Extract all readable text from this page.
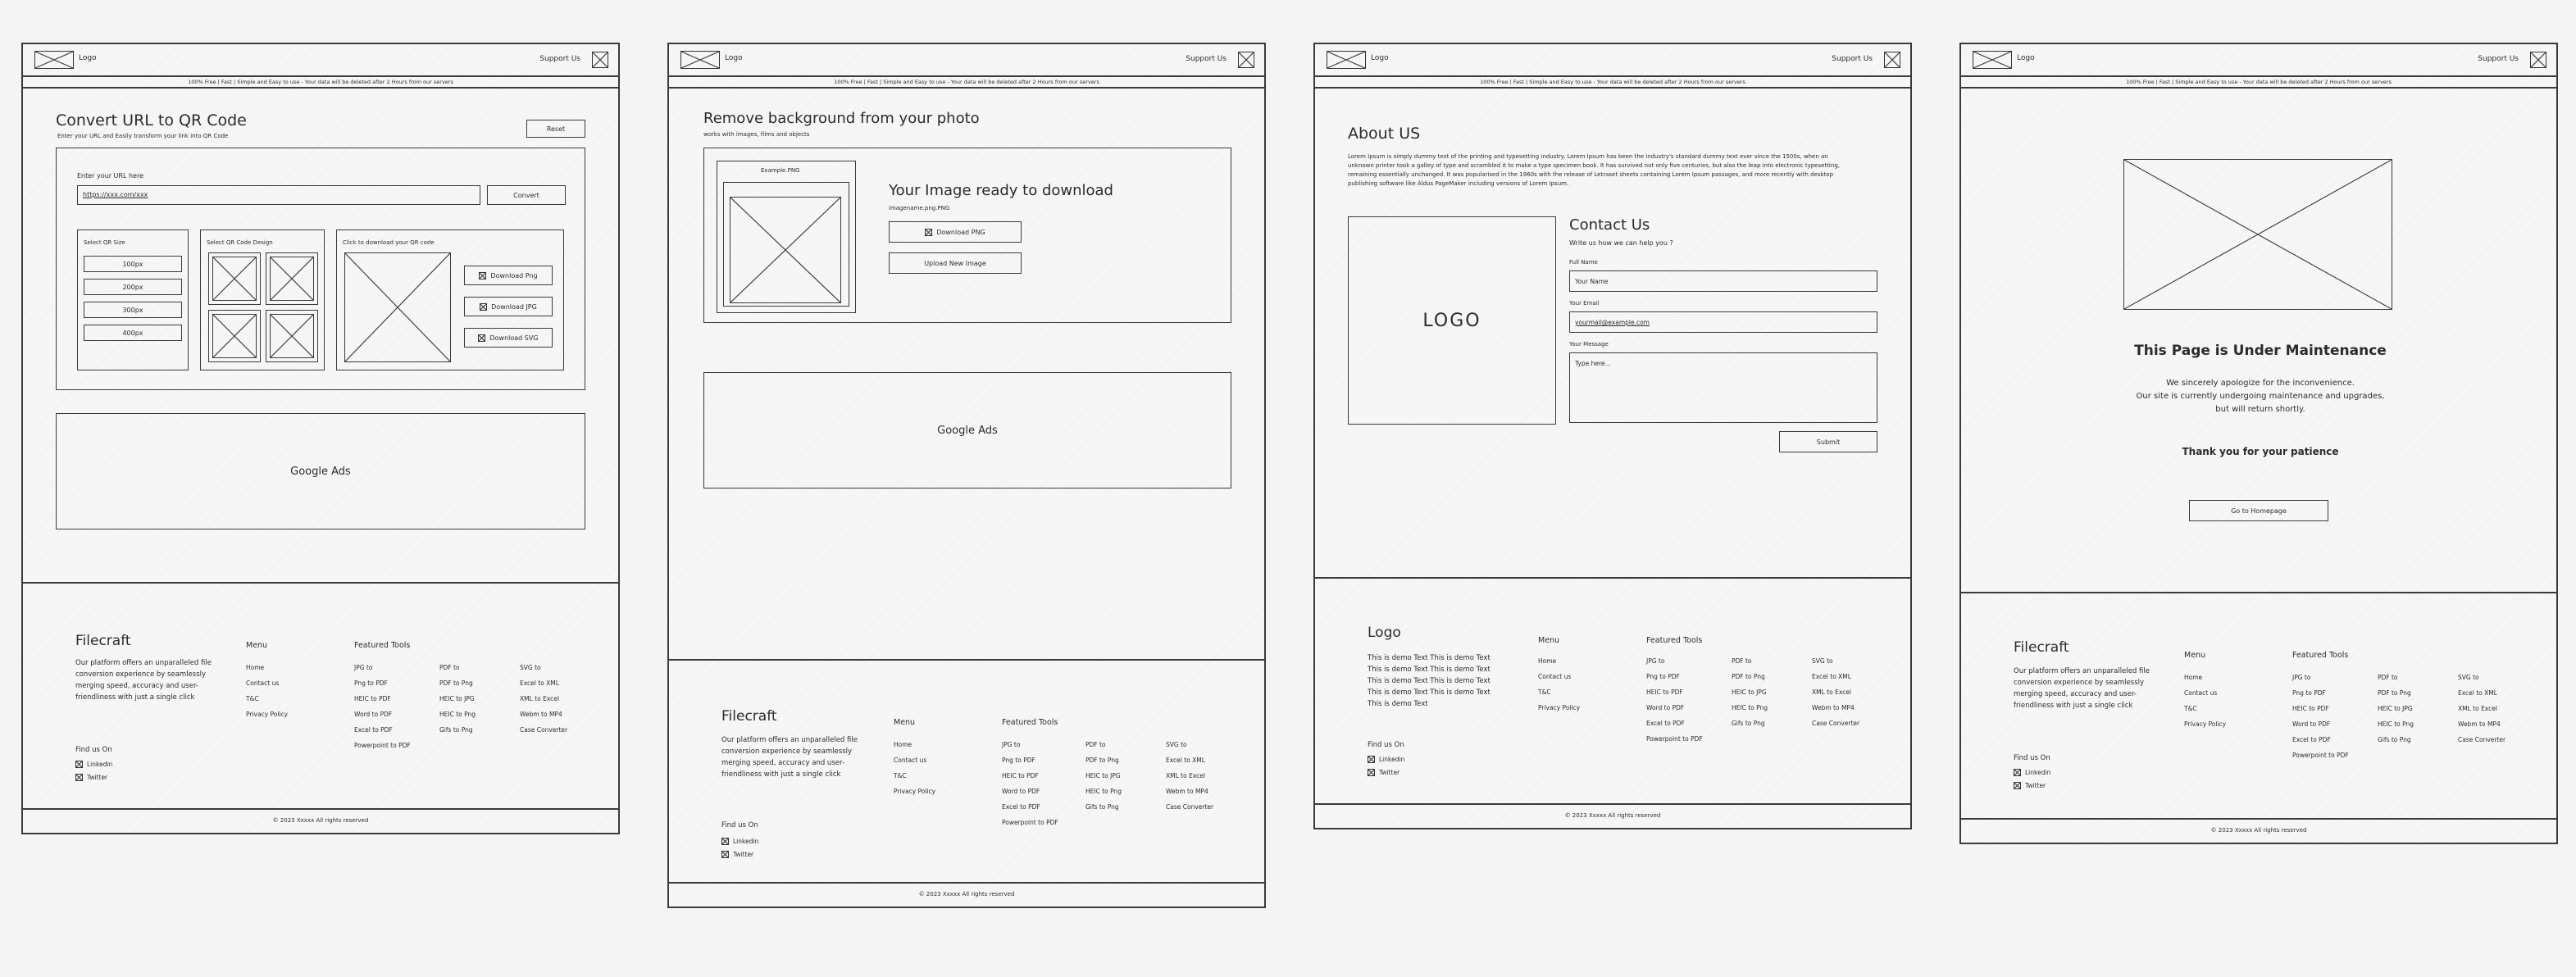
Logo	Support Us
100% Free | Fast | Simple and Easy to use - Your data will be deleted after 2 Hours from our servers
Convert URL to QR Code
Enter your URL and Easily transform your link into QR Code
Reset
Enter your URL here
https://xxx.com/xxx	Convert
Select QR Size
100px
200px
300px
400px
Select QR Code Design	Click to download your QR code
Download Png
Download JPG
Download SVG
Google Ads
Filecraft
Our platform offers an unparalleled file conversion experience by seamlessly merging speed, accuracy and user-friendliness with just a single click
Menu
Home
Contact us
T&C
Privacy Policy
Featured Tools
JPG to
Png to PDF
HEIC to PDF
Word to PDF
Excel to PDF
Powerpoint to PDF
PDF to
PDF to Png
HEIC to JPG
HEIC to Png
Gifs to Png
SVG to
Excel to XML
XML to Excel
Webm to MP4
Case Converter
Find us On
Linkedin
Twitter
© 2023 Xxxxx All rights reserved
Logo	Support Us
100% Free | Fast | Simple and Easy to use - Your data will be deleted after 2 Hours from our servers
Remove background from your photo
works with images, films and objects
Example.PNG
Your Image ready to download
imagename.png.PNG
Download PNG
Upload New Image
Google Ads
Filecraft
Our platform offers an unparalleled file conversion experience by seamlessly merging speed, accuracy and user-friendliness with just a single click
Menu
Home
Contact us
T&C
Privacy Policy
Featured Tools
JPG to
Png to PDF
HEIC to PDF
Word to PDF
Excel to PDF
Powerpoint to PDF
PDF to
PDF to Png
HEIC to JPG
HEIC to Png
Gifs to Png
SVG to
Excel to XML
XML to Excel
Webm to MP4
Case Converter
Find us On
Linkedin
Twitter
© 2023 Xxxxx All rights reserved
Logo	Support Us
100% Free | Fast | Simple and Easy to use - Your data will be deleted after 2 Hours from our servers
About US
Lorem Ipsum is simply dummy text of the printing and typesetting industry. Lorem Ipsum has been the industry's standard dummy text ever since the 1500s, when an unknown printer took a galley of type and scrambled it to make a type specimen book. It has survived not only five centuries, but also the leap into electronic typesetting, remaining essentially unchanged. It was popularised in the 1960s with the release of Letraset sheets containing Lorem Ipsum passages, and more recently with desktop publishing software like Aldus PageMaker including versions of Lorem Ipsum.
LOGO
Contact Us
Write us how we can help you ?
Full Name
Your Name
Your Email
yourmail@example.com
Your Message
Type here...
Submit
Logo
This is demo Text This is demo Text
This is demo Text This is demo Text
This is demo Text This is demo Text
This is demo Text This is demo Text
This is demo Text
Menu
Home
Contact us
T&C
Privacy Policy
Featured Tools
JPG to
Png to PDF
HEIC to PDF
Word to PDF
Excel to PDF
Powerpoint to PDF
PDF to
PDF to Png
HEIC to JPG
HEIC to Png
Gifs to Png
SVG to
Excel to XML
XML to Excel
Webm to MP4
Case Converter
Find us On
Linkedin
Twitter
© 2023 Xxxxx All rights reserved
Logo	Support Us
100% Free | Fast | Simple and Easy to use - Your data will be deleted after 2 Hours from our servers
This Page is Under Maintenance
We sincerely apologize for the inconvenience.
Our site is currently undergoing maintenance and upgrades,
but will return shortly.
Thank you for your patience
Go to Homepage
Filecraft
Our platform offers an unparalleled file conversion experience by seamlessly merging speed, accuracy and user-friendliness with just a single click
Menu
Home
Contact us
T&C
Privacy Policy
Featured Tools
JPG to
Png to PDF
HEIC to PDF
Word to PDF
Excel to PDF
Powerpoint to PDF
PDF to
PDF to Png
HEIC to JPG
HEIC to Png
Gifs to Png
SVG to
Excel to XML
XML to Excel
Webm to MP4
Case Converter
Find us On
Linkedin
Twitter
© 2023 Xxxxx All rights reserved
